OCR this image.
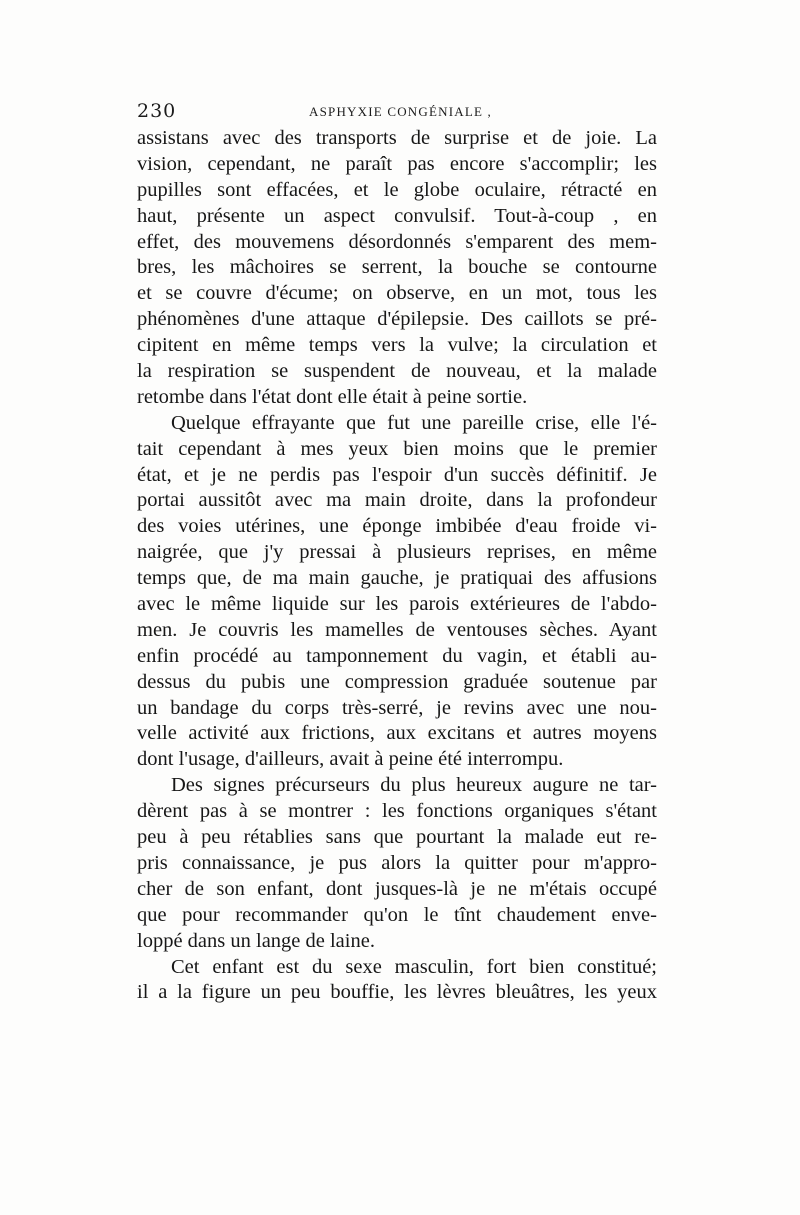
230	ASPHYXIE CONGÉNIALE ,
assistans avec des transports de surprise et de joie. La
vision, cependant, ne paraît pas encore s'accomplir; les
pupilles sont effacées, et le globe oculaire, rétracté en
haut, présente un aspect convulsif. Tout-à-coup , en
effet, des mouvemens désordonnés s'emparent des mem-
bres, les mâchoires se serrent, la bouche se contourne
et se couvre d'écume; on observe, en un mot, tous les
phénomènes d'une attaque d'épilepsie. Des caillots se pré-
cipitent en même temps vers la vulve; la circulation et
la respiration se suspendent de nouveau, et la malade
retombe dans l'état dont elle était à peine sortie.
Quelque effrayante que fut une pareille crise, elle l'é-
tait cependant à mes yeux bien moins que le premier
état, et je ne perdis pas l'espoir d'un succès définitif. Je
portai aussitôt avec ma main droite, dans la profondeur
des voies utérines, une éponge imbibée d'eau froide vi-
naigrée, que j'y pressai à plusieurs reprises, en même
temps que, de ma main gauche, je pratiquai des affusions
avec le même liquide sur les parois extérieures de l'abdo-
men. Je couvris les mamelles de ventouses sèches. Ayant
enfin procédé au tamponnement du vagin, et établi au-
dessus du pubis une compression graduée soutenue par
un bandage du corps très-serré, je revins avec une nou-
velle activité aux frictions, aux excitans et autres moyens
dont l'usage, d'ailleurs, avait à peine été interrompu.
Des signes précurseurs du plus heureux augure ne tar-
dèrent pas à se montrer : les fonctions organiques s'étant
peu à peu rétablies sans que pourtant la malade eut re-
pris connaissance, je pus alors la quitter pour m'appro-
cher de son enfant, dont jusques-là je ne m'étais occupé
que pour recommander qu'on le tînt chaudement enve-
loppé dans un lange de laine.
Cet enfant est du sexe masculin, fort bien constitué;
il a la figure un peu bouffie, les lèvres bleuâtres, les yeux
